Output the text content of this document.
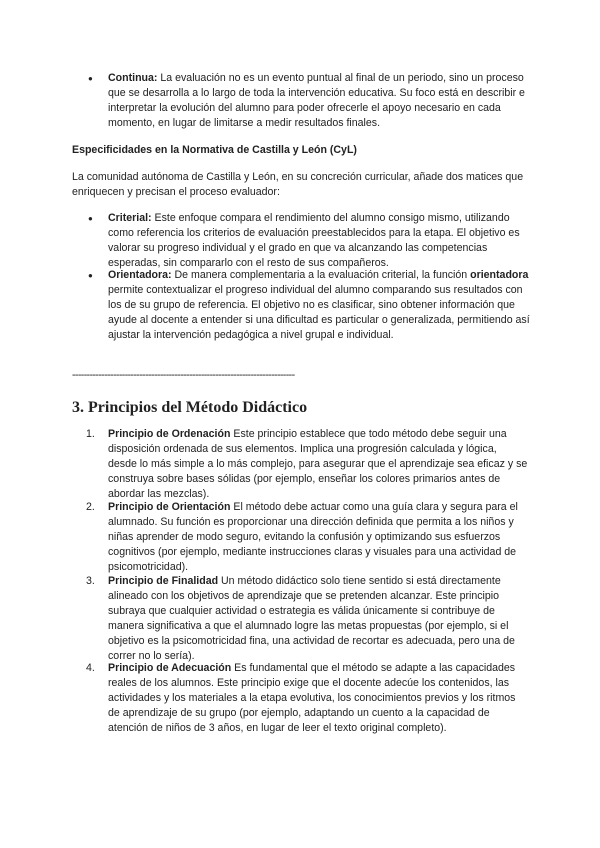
● Continua: La evaluación no es un evento puntual al final de un periodo, sino un proceso que se desarrolla a lo largo de toda la intervención educativa. Su foco está en describir e interpretar la evolución del alumno para poder ofrecerle el apoyo necesario en cada momento, en lugar de limitarse a medir resultados finales.
Especificidades en la Normativa de Castilla y León (CyL)
La comunidad autónoma de Castilla y León, en su concreción curricular, añade dos matices que enriquecen y precisan el proceso evaluador:
● Criterial: Este enfoque compara el rendimiento del alumno consigo mismo, utilizando como referencia los criterios de evaluación preestablecidos para la etapa. El objetivo es valorar su progreso individual y el grado en que va alcanzando las competencias esperadas, sin compararlo con el resto de sus compañeros.
● Orientadora: De manera complementaria a la evaluación criterial, la función orientadora permite contextualizar el progreso individual del alumno comparando sus resultados con los de su grupo de referencia. El objetivo no es clasificar, sino obtener información que ayude al docente a entender si una dificultad es particular o generalizada, permitiendo así ajustar la intervención pedagógica a nivel grupal e individual.
----------------------------------------------------------------------------
3. Principios del Método Didáctico
1. Principio de Ordenación Este principio establece que todo método debe seguir una disposición ordenada de sus elementos. Implica una progresión calculada y lógica, desde lo más simple a lo más complejo, para asegurar que el aprendizaje sea eficaz y se construya sobre bases sólidas (por ejemplo, enseñar los colores primarios antes de abordar las mezclas).
2. Principio de Orientación El método debe actuar como una guía clara y segura para el alumnado. Su función es proporcionar una dirección definida que permita a los niños y niñas aprender de modo seguro, evitando la confusión y optimizando sus esfuerzos cognitivos (por ejemplo, mediante instrucciones claras y visuales para una actividad de psicomotricidad).
3. Principio de Finalidad Un método didáctico solo tiene sentido si está directamente alineado con los objetivos de aprendizaje que se pretenden alcanzar. Este principio subraya que cualquier actividad o estrategia es válida únicamente si contribuye de manera significativa a que el alumnado logre las metas propuestas (por ejemplo, si el objetivo es la psicomotricidad fina, una actividad de recortar es adecuada, pero una de correr no lo sería).
4. Principio de Adecuación Es fundamental que el método se adapte a las capacidades reales de los alumnos. Este principio exige que el docente adecúe los contenidos, las actividades y los materiales a la etapa evolutiva, los conocimientos previos y los ritmos de aprendizaje de su grupo (por ejemplo, adaptando un cuento a la capacidad de atención de niños de 3 años, en lugar de leer el texto original completo).
